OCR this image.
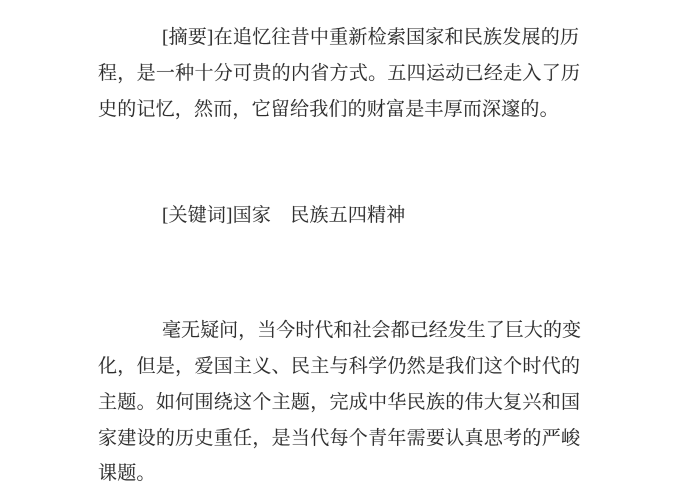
[摘要]在追忆往昔中重新检索国家和民族发展的历
程，是一种十分可贵的内省方式。五四运动已经走入了历
史的记忆，然而，它留给我们的财富是丰厚而深邃的。
[关键词]国家　民族五四精神
毫无疑问，当今时代和社会都已经发生了巨大的变
化，但是，爱国主义、民主与科学仍然是我们这个时代的
主题。如何围绕这个主题，完成中华民族的伟大复兴和国
家建设的历史重任，是当代每个青年需要认真思考的严峻
课题。
